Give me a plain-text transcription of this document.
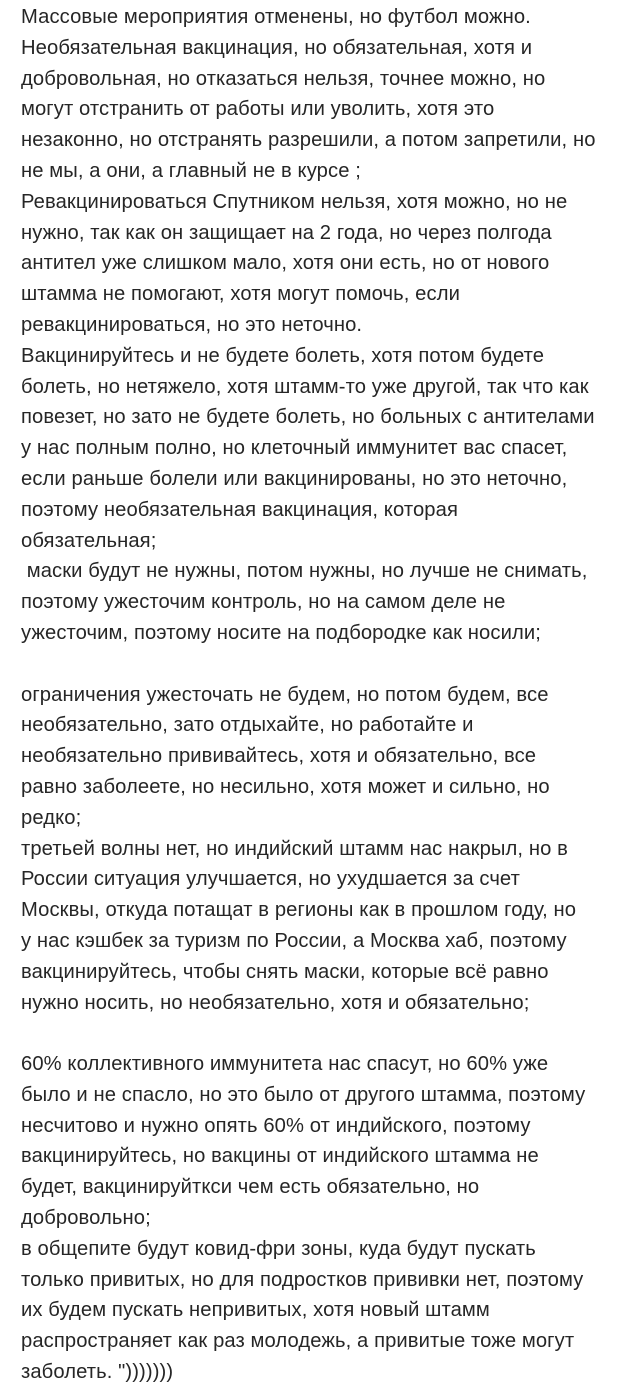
Массовые мероприятия отменены, но футбол можно.
Необязательная вакцинация, но обязательная, хотя и
добровольная, но отказаться нельзя, точнее можно, но
могут отстранить от работы или уволить, хотя это
незаконно, но отстранять разрешили, а потом запретили, но
не мы, а они, а главный не в курсе ;
Ревакцинироваться Спутником нельзя, хотя можно, но не
нужно, так как он защищает на 2 года, но через полгода
антител уже слишком мало, хотя они есть, но от нового
штамма не помогают, хотя могут помочь, если
ревакцинироваться, но это неточно.
Вакцинируйтесь и не будете болеть, хотя потом будете
болеть, но нетяжело, хотя штамм-то уже другой, так что как
повезет, но зато не будете болеть, но больных с антителами
у нас полным полно, но клеточный иммунитет вас спасет,
если раньше болели или вакцинированы, но это неточно,
поэтому необязательная вакцинация, которая
обязательная;
маски будут не нужны, потом нужны, но лучше не снимать,
поэтому ужесточим контроль, но на самом деле не
ужесточим, поэтому носите на подбородке как носили;
ограничения ужесточать не будем, но потом будем, все
необязательно, зато отдыхайте, но работайте и
необязательно прививайтесь, хотя и обязательно, все
равно заболеете, но несильно, хотя может и сильно, но
редко;
третьей волны нет, но индийский штамм нас накрыл, но в
России ситуация улучшается, но ухудшается за счет
Москвы, откуда потащат в регионы как в прошлом году, но
у нас кэшбек за туризм по России, а Москва хаб, поэтому
вакцинируйтесь, чтобы снять маски, которые всё равно
нужно носить, но необязательно, хотя и обязательно;
60% коллективного иммунитета нас спасут, но 60% уже
было и не спасло, но это было от другого штамма, поэтому
несчитово и нужно опять 60% от индийского, поэтому
вакцинируйтесь, но вакцины от индийского штамма не
будет, вакцинируйткси чем есть обязательно, но
добровольно;
в общепите будут ковид-фри зоны, куда будут пускать
только привитых, но для подростков прививки нет, поэтому
их будем пускать непривитых, хотя новый штамм
распространяет как раз молодежь, а привитые тоже могут
заболеть. ")))))))
